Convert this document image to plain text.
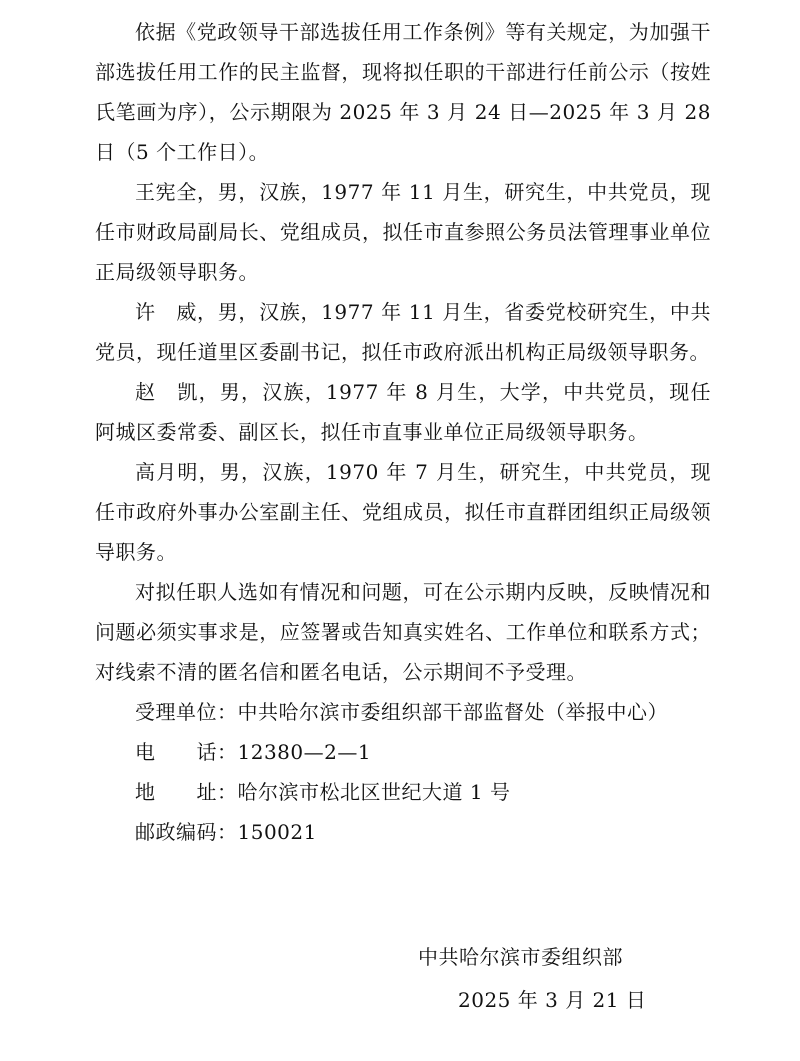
依据《党政领导干部选拔任用工作条例》等有关规定，为加强干部选拔任用工作的民主监督，现将拟任职的干部进行任前公示（按姓氏笔画为序），公示期限为 2025 年 3 月 24 日—2025 年 3 月 28 日（5 个工作日）。

王宪全，男，汉族，1977 年 11 月生，研究生，中共党员，现任市财政局副局长、党组成员，拟任市直参照公务员法管理事业单位正局级领导职务。

许　威，男，汉族，1977 年 11 月生，省委党校研究生，中共党员，现任道里区委副书记，拟任市政府派出机构正局级领导职务。

赵　凯，男，汉族，1977 年 8 月生，大学，中共党员，现任阿城区委常委、副区长，拟任市直事业单位正局级领导职务。

高月明，男，汉族，1970 年 7 月生，研究生，中共党员，现任市政府外事办公室副主任、党组成员，拟任市直群团组织正局级领导职务。

对拟任职人选如有情况和问题，可在公示期内反映，反映情况和问题必须实事求是，应签署或告知真实姓名、工作单位和联系方式；对线索不清的匿名信和匿名电话，公示期间不予受理。

受理单位：中共哈尔滨市委组织部干部监督处（举报中心）

电　　话：12380—2—1

地　　址：哈尔滨市松北区世纪大道 1 号

邮政编码：150021

中共哈尔滨市委组织部
2025 年 3 月 21 日
